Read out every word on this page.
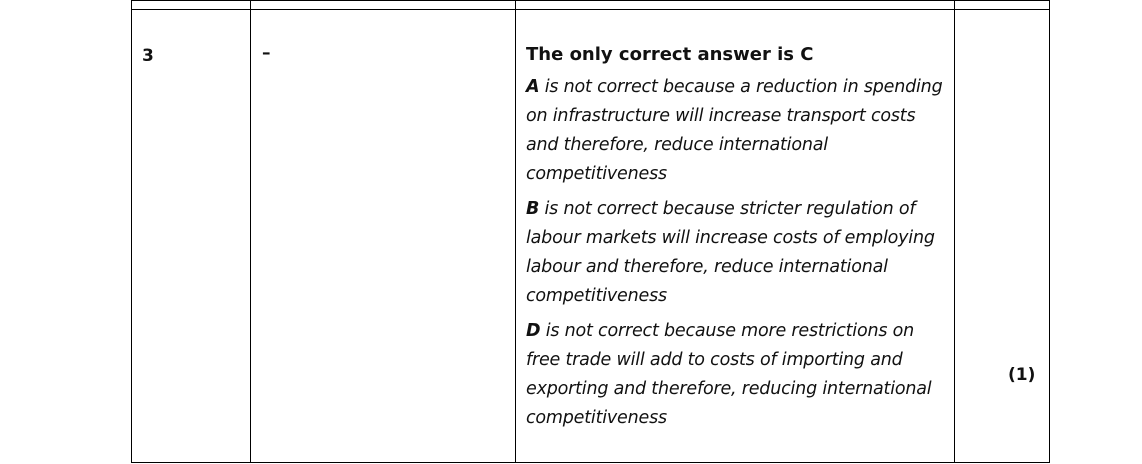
3	–	The only correct answer is C

A is not correct because a reduction in spending on infrastructure will increase transport costs and therefore, reduce international competitiveness

B is not correct because stricter regulation of labour markets will increase costs of employing labour and therefore, reduce international competitiveness

D is not correct because more restrictions on free trade will add to costs of importing and exporting and therefore, reducing international competitiveness	(1)
